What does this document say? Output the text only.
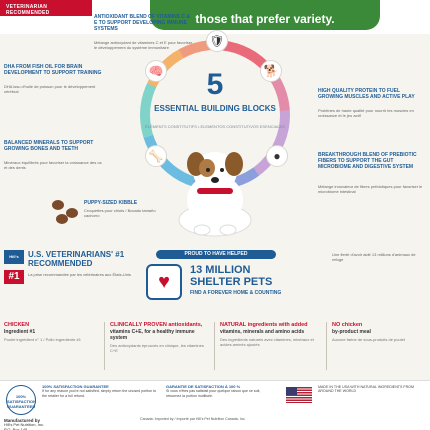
VETERINARIAN RECOMMENDED	those that prefer variety.
5
ESSENTIAL BUILDING BLOCKS
ÉLÉMENTS CONSTITUTIFS • ELEMENTOS CONSTITUTIVOS ESENCIALES
🛡
🧠	🐕
🦴	●
ANTIOXIDANT BLEND OF VITAMINS C & E TO SUPPORT DEVELOPING IMMUNE SYSTEMS
Mélange antioxydant de vitamines C et E pour favoriser le développement du système immunitaire
DHA FROM FISH OIL FOR BRAIN DEVELOPMENT TO SUPPORT TRAINING
DHA issu d'huile de poisson pour le développement cérébral	HIGH QUALITY PROTEIN TO FUEL GROWING MUSCLES AND ACTIVE PLAY
Protéines de haute qualité pour nourrir les muscles en croissance et le jeu actif
BALANCED MINERALS TO SUPPORT GROWING BONES AND TEETH
Minéraux équilibrés pour favoriser la croissance des os et des dents
BREAKTHROUGH BLEND OF PREBIOTIC FIBERS TO SUPPORT THE GUT MICROBIOME AND DIGESTIVE SYSTEM
Mélange innovateur de fibres prébiotiques pour favoriser le microbiome intestinal
PUPPY-SIZED KIBBLE
Croquettes pour chiots / Bocado tamaño cachorro
Hill's
#1
U.S. VETERINARIANS' #1 RECOMMENDED
La prise recommandée par les vétérinaires aux États-Unis
PROUD TO HAVE HELPED
♥
13 MILLION SHELTER PETS
FIND A FOREVER HOME & COUNTING
Une fierté d'avoir aidé 13 millions d'animaux de refuge
CHICKEN
Ingredient #1
Poulet ingrédient n° 1 / Pollo ingrediente #1
CLINICALLY PROVEN antioxidants,
vitamins C+E, for a healthy immune system
Des antioxydants éprouvés en clinique, les vitamines C+E
NATURAL ingredients with added
vitamins, minerals and amino acids
Des ingrédients naturels avec vitamines, minéraux et acides aminés ajoutés
NO chicken
by-product meal
Aucune farine de sous-produits de poulet
100% SATISFACTION GUARANTEED
100% SATISFACTION GUARANTEE
If for any reason you're not satisfied, simply return the unused portion to the retailer for a full refund.
GARANTIE DE SATISFACTION À 100 %
Si vous n'êtes pas satisfait pour quelque raison que ce soit, retournez la portion inutilisée.
MADE IN THE USA WITH NATURAL INGREDIENTS FROM AROUND THE WORLD
Manufactured by
Hill's Pet Nutrition, Inc.
P.O. Box 148
Canada: Imported by / Importé par Hill's Pet Nutrition Canada, Inc.
